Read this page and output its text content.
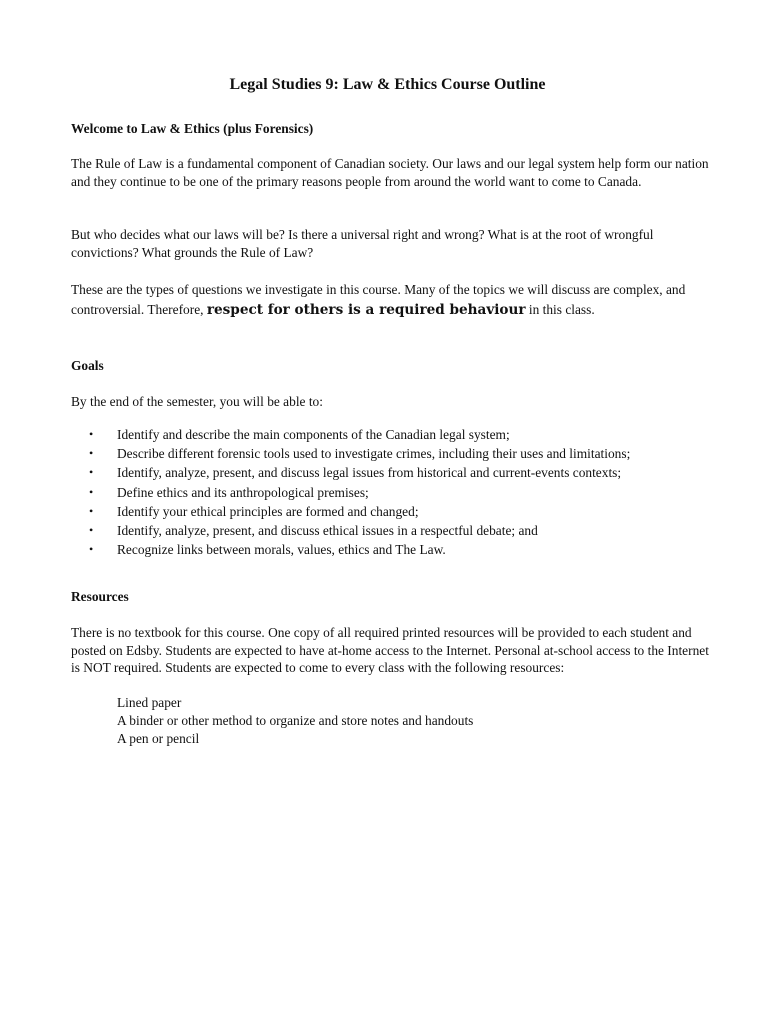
Legal Studies 9: Law & Ethics Course Outline

Welcome to Law & Ethics (plus Forensics)

The Rule of Law is a fundamental component of Canadian society. Our laws and our legal system help form our nation and they continue to be one of the primary reasons people from around the world want to come to Canada.

But who decides what our laws will be? Is there a universal right and wrong? What is at the root of wrongful convictions? What grounds the Rule of Law?

These are the types of questions we investigate in this course. Many of the topics we will discuss are complex, and controversial. Therefore, respect for others is a required behaviour in this class.

Goals

By the end of the semester, you will be able to:

• Identify and describe the main components of the Canadian legal system;
• Describe different forensic tools used to investigate crimes, including their uses and limitations;
• Identify, analyze, present, and discuss legal issues from historical and current-events contexts;
• Define ethics and its anthropological premises;
• Identify your ethical principles are formed and changed;
• Identify, analyze, present, and discuss ethical issues in a respectful debate; and
• Recognize links between morals, values, ethics and The Law.

Resources

There is no textbook for this course. One copy of all required printed resources will be provided to each student and posted on Edsby. Students are expected to have at-home access to the Internet. Personal at-school access to the Internet is NOT required. Students are expected to come to every class with the following resources:

Lined paper
A binder or other method to organize and store notes and handouts
A pen or pencil
